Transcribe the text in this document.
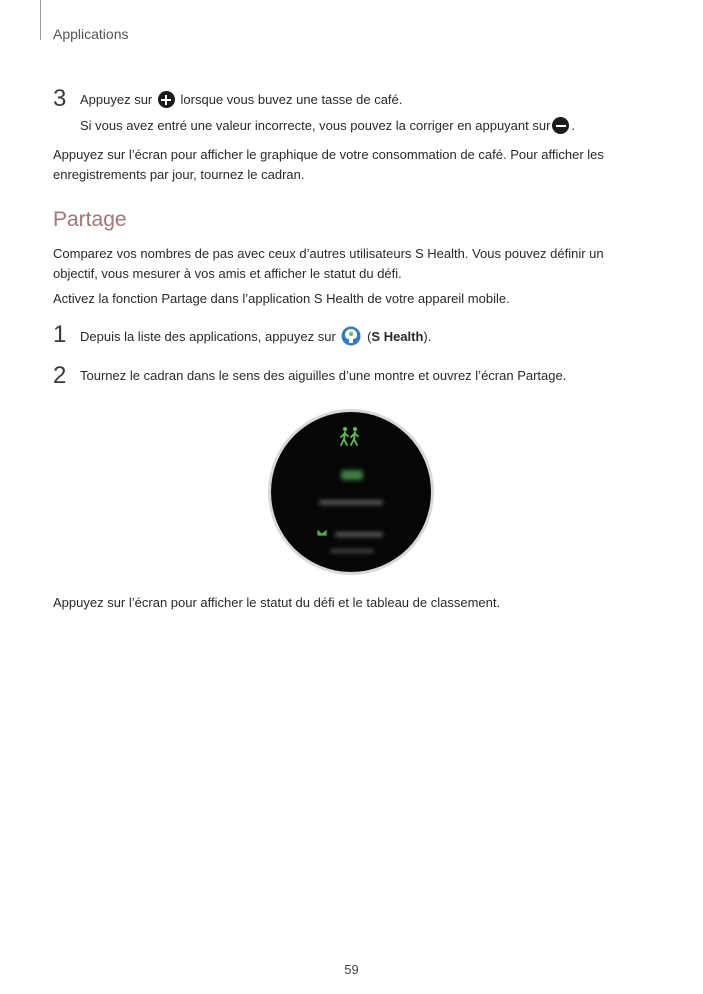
Applications
3 Appuyez sur lorsque vous buvez une tasse de café.
Si vous avez entré une valeur incorrecte, vous pouvez la corriger en appuyant sur .
Appuyez sur l’écran pour afficher le graphique de votre consommation de café. Pour afficher les enregistrements par jour, tournez le cadran.
Partage
Comparez vos nombres de pas avec ceux d’autres utilisateurs S Health. Vous pouvez définir un objectif, vous mesurer à vos amis et afficher le statut du défi.
Activez la fonction Partage dans l’application S Health de votre appareil mobile.
1 Depuis la liste des applications, appuyez sur (S Health).
2 Tournez le cadran dans le sens des aiguilles d’une montre et ouvrez l’écran Partage.
Appuyez sur l’écran pour afficher le statut du défi et le tableau de classement.
59
